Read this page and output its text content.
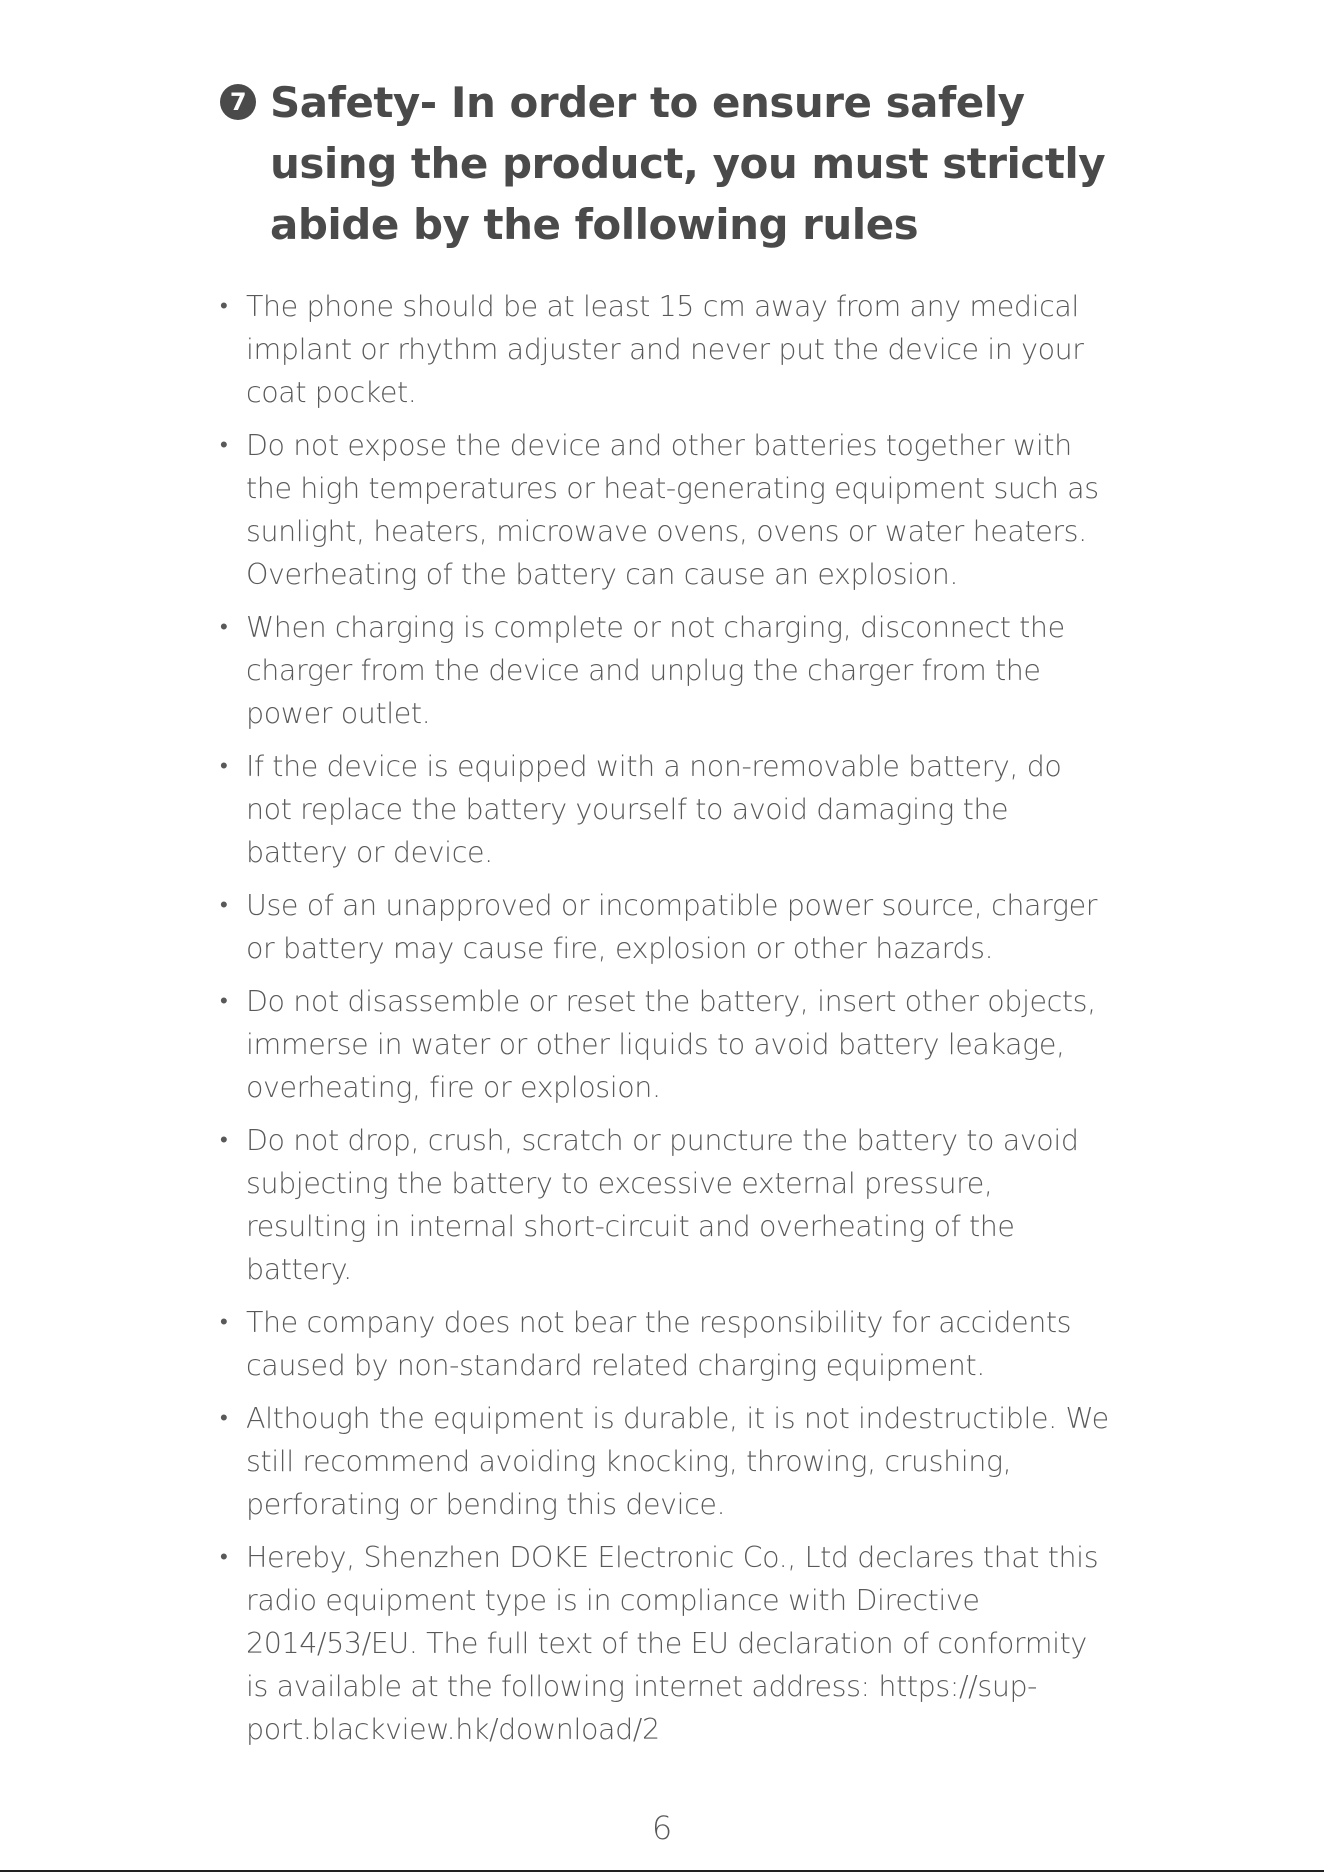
7 Safety- In order to ensure safely using the product, you must strictly abide by the following rules
• The phone should be at least 15 cm away from any medical implant or rhythm adjuster and never put the device in your coat pocket.
• Do not expose the device and other batteries together with the high temperatures or heat-generating equipment such as sunlight, heaters, microwave ovens, ovens or water heaters. Overheating of the battery can cause an explosion.
• When charging is complete or not charging, disconnect the charger from the device and unplug the charger from the power outlet.
• If the device is equipped with a non-removable battery, do not replace the battery yourself to avoid damaging the battery or device.
• Use of an unapproved or incompatible power source, charger or battery may cause fire, explosion or other hazards.
• Do not disassemble or reset the battery, insert other objects, immerse in water or other liquids to avoid battery leakage, overheating, fire or explosion.
• Do not drop, crush, scratch or puncture the battery to avoid subjecting the battery to excessive external pressure, resulting in internal short-circuit and overheating of the battery.
• The company does not bear the responsibility for accidents caused by non-standard related charging equipment.
• Although the equipment is durable, it is not indestructible. We still recommend avoiding knocking, throwing, crushing, perforating or bending this device.
• Hereby, Shenzhen DOKE Electronic Co., Ltd declares that this radio equipment type is in compliance with Directive 2014/53/EU. The full text of the EU declaration of conformity is available at the following internet address: https://sup-port.blackview.hk/download/2
6
